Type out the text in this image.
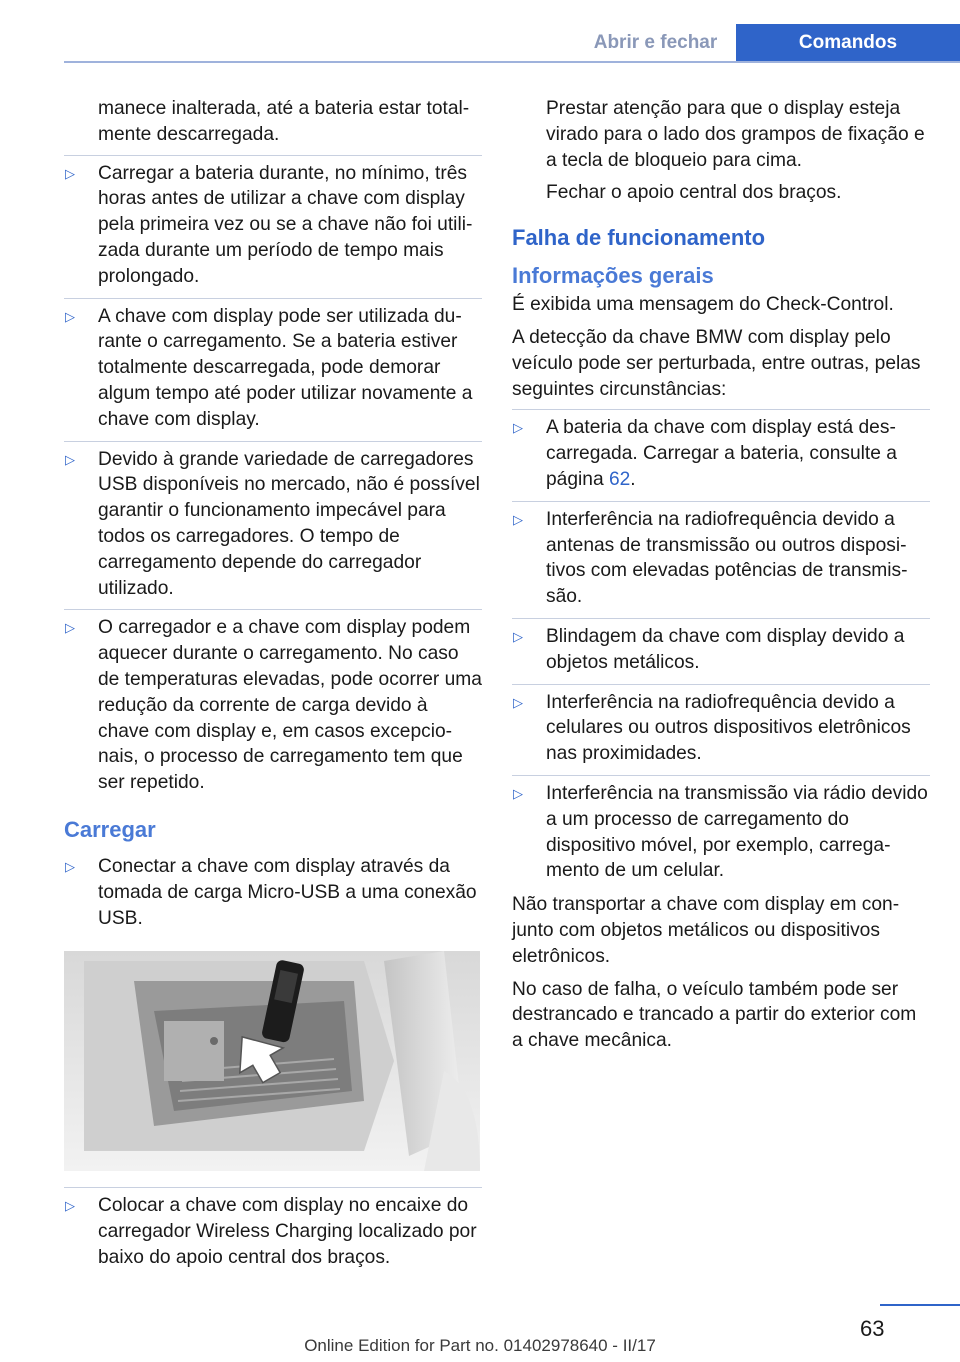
Abrir e fechar	Comandos

manece inalterada, até a bateria estar totalmente descarregada.

▷ Carregar a bateria durante, no mínimo, três horas antes de utilizar a chave com display pela primeira vez ou se a chave não foi utilizada durante um período de tempo mais prolongado.
▷ A chave com display pode ser utilizada durante o carregamento. Se a bateria estiver totalmente descarregada, pode demorar algum tempo até poder utilizar novamente a chave com display.
▷ Devido à grande variedade de carregadores USB disponíveis no mercado, não é possível garantir o funcionamento impecável para todos os carregadores. O tempo de carregamento depende do carregador utilizado.
▷ O carregador e a chave com display podem aquecer durante o carregamento. No caso de temperaturas elevadas, pode ocorrer uma redução da corrente de carga devido à chave com display e, em casos excepcionais, o processo de carregamento tem que ser repetido.
Carregar
▷ Conectar a chave com display através da tomada de carga Micro-USB a uma conexão USB.
▷ Colocar a chave com display no encaixe do carregador Wireless Charging localizado por baixo do apoio central dos braços.

Prestar atenção para que o display esteja virado para o lado dos grampos de fixação e a tecla de bloqueio para cima.

Fechar o apoio central dos braços.

Falha de funcionamento
Informações gerais

É exibida uma mensagem do Check-Control.

A detecção da chave BMW com display pelo veículo pode ser perturbada, entre outras, pelas seguintes circunstâncias:

▷ A bateria da chave com display está descarregada. Carregar a bateria, consulte a página 62.
▷ Interferência na radiofrequência devido a antenas de transmissão ou outros dispositivos com elevadas potências de transmissão.
▷ Blindagem da chave com display devido a objetos metálicos.
▷ Interferência na radiofrequência devido a celulares ou outros dispositivos eletrônicos nas proximidades.
▷ Interferência na transmissão via rádio devido a um processo de carregamento do dispositivo móvel, por exemplo, carregamento de um celular.

Não transportar a chave com display em conjunto com objetos metálicos ou dispositivos eletrônicos.

No caso de falha, o veículo também pode ser destrancado e trancado a partir do exterior com a chave mecânica.

63
Online Edition for Part no. 01402978640 - II/17
